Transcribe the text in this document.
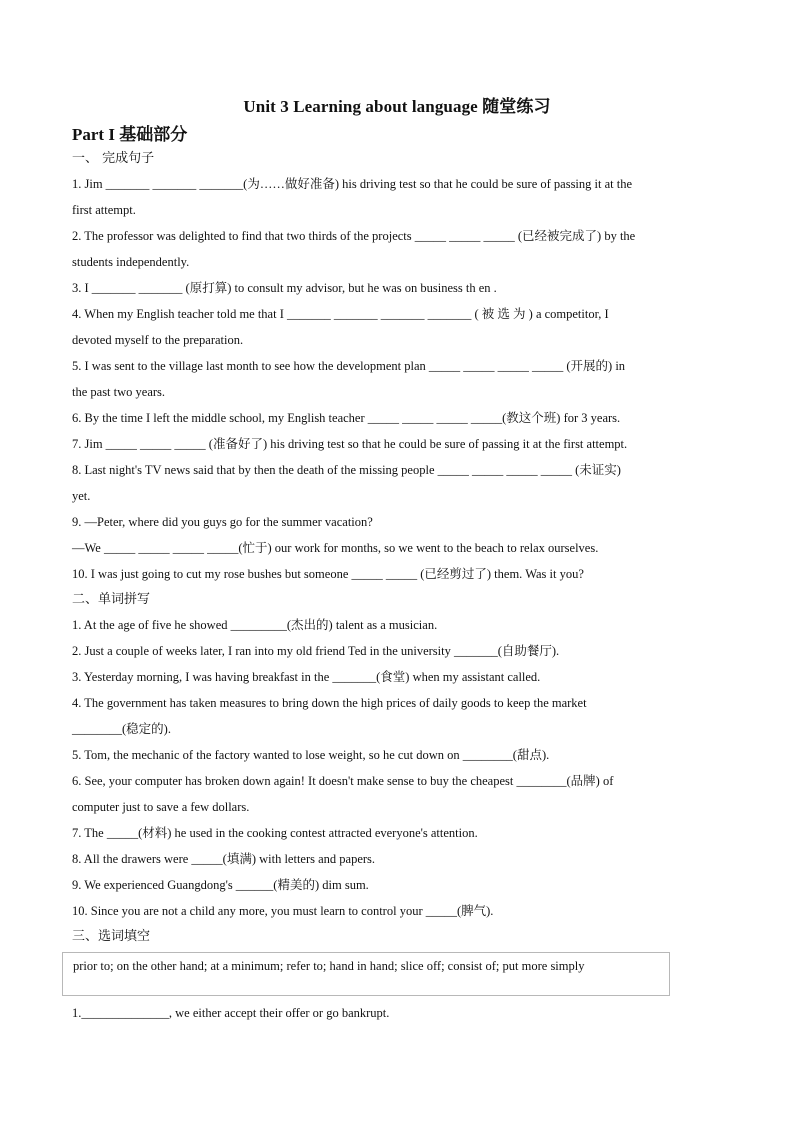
Unit 3 Learning about language 随堂练习
Part I 基础部分
一、 完成句子

1. Jim _______ _______ _______(为……做好准备) his driving test so that he could be sure of passing it at the

first attempt.

2. The professor was delighted to find that two thirds of the projects _____ _____ _____ (已经被完成了) by the

students independently.

3. I _______ _______ (原打算) to consult my advisor, but he was on business th en .

4. When my English teacher told me that I _______ _______ _______ _______ ( 被 选 为 ) a competitor, I

devoted myself to the preparation.

5. I was sent to the village last month to see how the development plan _____ _____ _____ _____ (开展的) in

the past two years.

6. By the time I left the middle school, my English teacher _____ _____ _____ _____(教这个班) for 3 years.

7. Jim _____ _____ _____ (准备好了) his driving test so that he could be sure of passing it at the first attempt.

8. Last night's TV news said that by then the death of the missing people _____ _____ _____ _____ (未证实)

yet.

9. —Peter, where did you guys go for the summer vacation?

—We _____ _____ _____ _____(忙于) our work for months, so we went to the beach to relax ourselves.

10. I was just going to cut my rose bushes but someone _____ _____ (已经剪过了) them. Was it you?

二、单词拼写

1. At the age of five he showed _________(杰出的) talent as a musician.

2. Just a couple of weeks later, I ran into my old friend Ted in the university _______(自助餐厅).

3. Yesterday morning, I was having breakfast in the _______(食堂) when my assistant called.

4. The government has taken measures to bring down the high prices of daily goods to keep the market

________(稳定的).

5. Tom, the mechanic of the factory wanted to lose weight, so he cut down on ________(甜点).

6. See, your computer has broken down again! It doesn't make sense to buy the cheapest ________(品牌) of

computer just to save a few dollars.

7. The _____(材料) he used in the cooking contest attracted everyone's attention.

8. All the drawers were _____(填满) with letters and papers.

9. We experienced Guangdong's ______(精美的) dim sum.

10. Since you are not a child any more, you must learn to control your _____(脾气).

三、选词填空
prior to; on the other hand; at a minimum; refer to; hand in hand; slice off; consist of; put more simply

1.______________, we either accept their offer or go bankrupt.
